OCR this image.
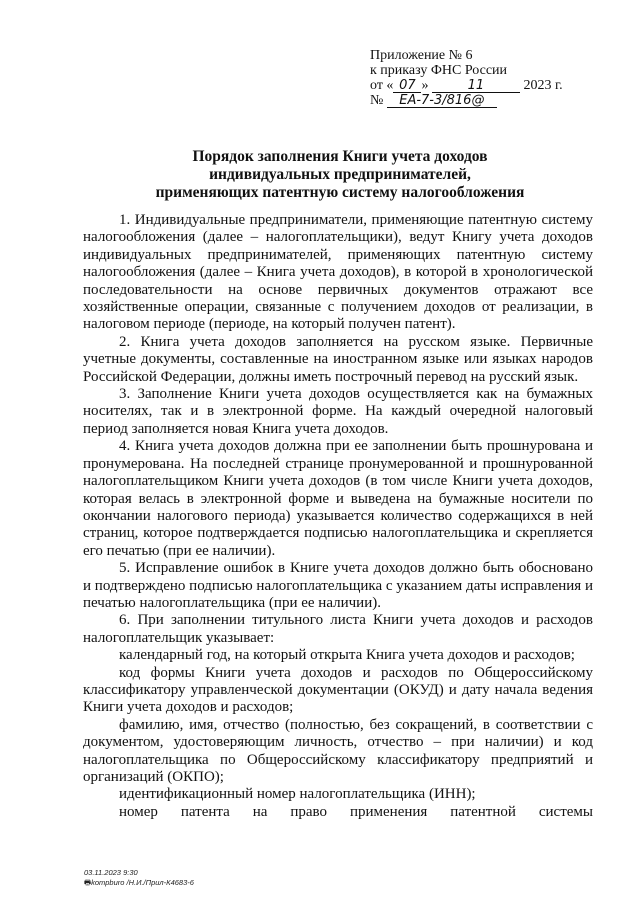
Приложение № 6
к приказу ФНС России
от « 07 »	11	2023 г.
№ ЕА-7-3/816@
Порядок заполнения Книги учета доходов
индивидуальных предпринимателей,
применяющих патентную систему налогообложения

1. Индивидуальные предприниматели, применяющие патентную систему налогообложения (далее – налогоплательщики), ведут Книгу учета доходов индивидуальных предпринимателей, применяющих патентную систему налогообложения (далее – Книга учета доходов), в которой в хронологической последовательности на основе первичных документов отражают все хозяйственные операции, связанные с получением доходов от реализации, в налоговом периоде (периоде, на который получен патент).

2. Книга учета доходов заполняется на русском языке. Первичные учетные документы, составленные на иностранном языке или языках народов Российской Федерации, должны иметь построчный перевод на русский язык.

3. Заполнение Книги учета доходов осуществляется как на бумажных носителях, так и в электронной форме. На каждый очередной налоговый период заполняется новая Книга учета доходов.

4. Книга учета доходов должна при ее заполнении быть прошнурована и пронумерована. На последней странице пронумерованной и прошнурованной налогоплательщиком Книги учета доходов (в том числе Книги учета доходов, которая велась в электронной форме и выведена на бумажные носители по окончании налогового периода) указывается количество содержащихся в ней страниц, которое подтверждается подписью налогоплательщика и скрепляется его печатью (при ее наличии).

5. Исправление ошибок в Книге учета доходов должно быть обосновано и подтверждено подписью налогоплательщика с указанием даты исправления и печатью налогоплательщика (при ее наличии).

6. При заполнении титульного листа Книги учета доходов и расходов налогоплательщик указывает:

календарный год, на который открыта Книга учета доходов и расходов;

код формы Книги учета доходов и расходов по Общероссийскому классификатору управленческой документации (ОКУД) и дату начала ведения Книги учета доходов и расходов;

фамилию, имя, отчество (полностью, без сокращений, в соответствии с документом, удостоверяющим личность, отчество – при наличии) и код налогоплательщика по Общероссийскому классификатору предприятий и организаций (ОКПО);

идентификационный номер налогоплательщика (ИНН);

номер патента на право применения патентной системы

03.11.2023 9:30
🖶kompburo /Н.И./Прил-К4683-6
